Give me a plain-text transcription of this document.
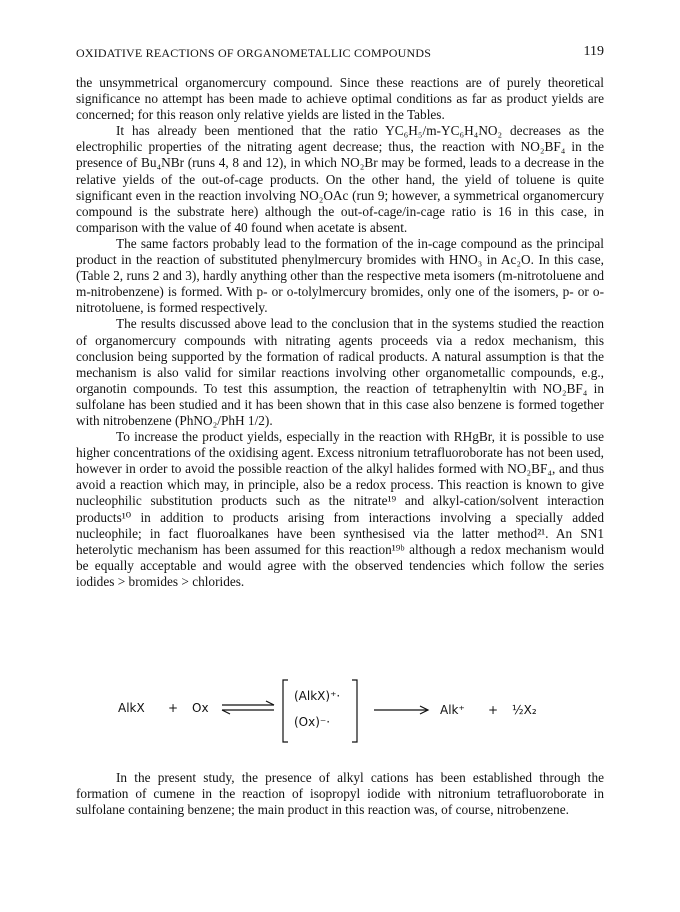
OXIDATIVE REACTIONS OF ORGANOMETALLIC COMPOUNDS	119

the unsymmetrical organomercury compound. Since these reactions are of purely theoretical significance no attempt has been made to achieve optimal conditions as far as product yields are concerned; for this reason only relative yields are listed in the Tables.

It has already been mentioned that the ratio YC₆H₅/m-YC₆H₄NO₂ decreases as the electrophilic properties of the nitrating agent decrease; thus, the reaction with NO₂BF₄ in the presence of Bu₄NBr (runs 4, 8 and 12), in which NO₂Br may be formed, leads to a decrease in the relative yields of the out-of-cage products. On the other hand, the yield of toluene is quite significant even in the reaction involving NO₂OAc (run 9; however, a symmetrical organomercury compound is the substrate here) although the out-of-cage/in-cage ratio is 16 in this case, in comparison with the value of 40 found when acetate is absent.

The same factors probably lead to the formation of the in-cage compound as the principal product in the reaction of substituted phenylmercury bromides with HNO₃ in Ac₂O. In this case, (Table 2, runs 2 and 3), hardly anything other than the respective meta isomers (m-nitrotoluene and m-nitrobenzene) is formed. With p- or o-tolylmercury bromides, only one of the isomers, p- or o-nitrotoluene, is formed respectively.

The results discussed above lead to the conclusion that in the systems studied the reaction of organomercury compounds with nitrating agents proceeds via a redox mechanism, this conclusion being supported by the formation of radical products. A natural assumption is that the mechanism is also valid for similar reactions involving other organometallic compounds, e.g., organotin compounds. To test this assumption, the reaction of tetraphenyltin with NO₂BF₄ in sulfolane has been studied and it has been shown that in this case also benzene is formed together with nitrobenzene (PhNO₂/PhH 1/2).

To increase the product yields, especially in the reaction with RHgBr, it is possible to use higher concentrations of the oxidising agent. Excess nitronium tetrafluoroborate has not been used, however in order to avoid the possible reaction of the alkyl halides formed with NO₂BF₄, and thus avoid a reaction which may, in principle, also be a redox process. This reaction is known to give nucleophilic substitution products such as the nitrate¹⁹ and alkyl-cation/solvent interaction products¹⁰ in addition to products arising from interactions involving a specially added nucleophile; in fact fluoroalkanes have been synthesised via the latter method²¹. An SN1 heterolytic mechanism has been assumed for this reaction¹⁹ᵇ although a redox mechanism would be equally acceptable and would agree with the observed tendencies which follow the series iodides > bromides > chlorides.

AlkX + Ox
(AlkX)⁺·
(Ox)⁻·
Alk⁺ + ½X₂

In the present study, the presence of alkyl cations has been established through the formation of cumene in the reaction of isopropyl iodide with nitronium tetrafluoroborate in sulfolane containing benzene; the main product in this reaction was, of course, nitrobenzene.
